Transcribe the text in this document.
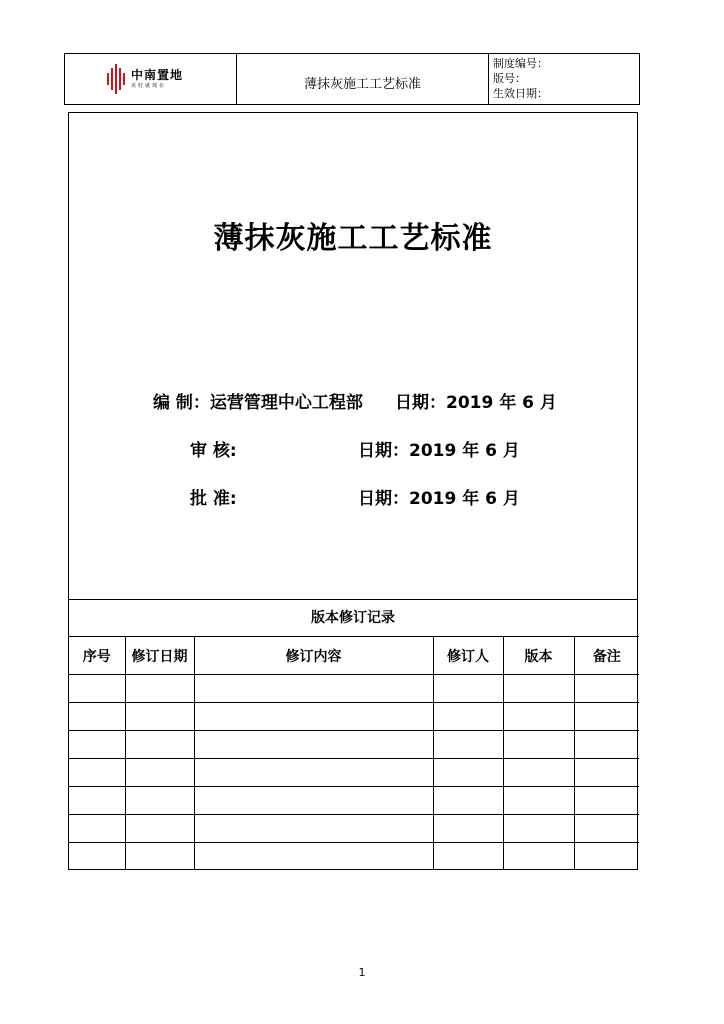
中南置地
美好就现在	薄抹灰施工工艺标准
制度编号：
版号：
生效日期：
薄抹灰施工工艺标准
编 制：运营管理中心工程部 日期：2019 年 6 月
审 核:	日期：2019 年 6 月
批 准:	日期：2019 年 6 月
版本修订记录
序号	修订日期	修订内容	修订人	版本	备注

1
